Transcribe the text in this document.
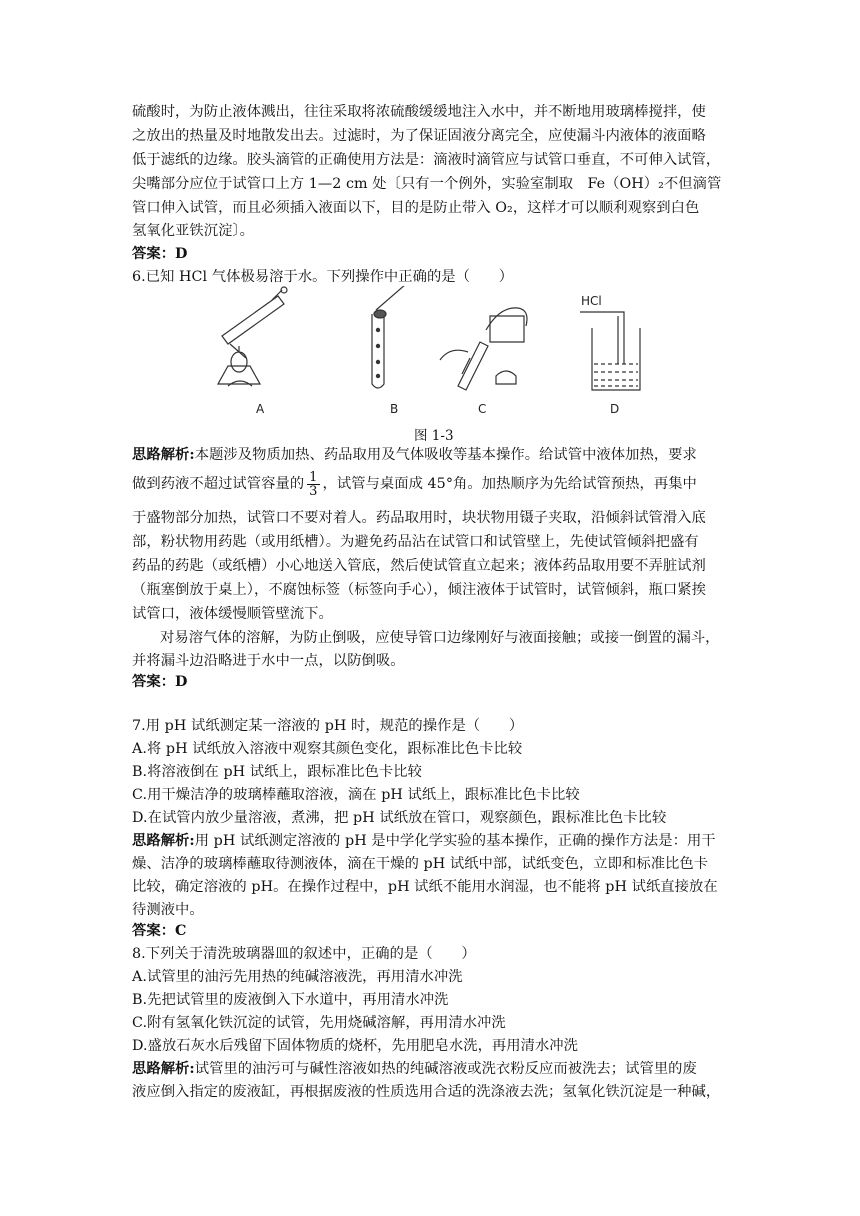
硫酸时，为防止液体溅出，往往采取将浓硫酸缓缓地注入水中，并不断地用玻璃棒搅拌，使
之放出的热量及时地散发出去。过滤时，为了保证固液分离完全，应使漏斗内液体的液面略
低于滤纸的边缘。胶头滴管的正确使用方法是：滴液时滴管应与试管口垂直，不可伸入试管，
尖嘴部分应位于试管口上方 1—2 cm 处〔只有一个例外，实验室制取　Fe（OH）₂不但滴管
管口伸入试管，而且必须插入液面以下，目的是防止带入 O₂，这样才可以顺利观察到白色
氢氧化亚铁沉淀〕。
答案：D
6.已知 HCl 气体极易溶于水。下列操作中正确的是（　　）
HCl
A	B	C	D
图 1-3
思路解析:本题涉及物质加热、药品取用及气体吸收等基本操作。给试管中液体加热，要求
做到药液不超过试管容量的 $\frac{1}{3}$ ，试管与桌面成 45°角。加热顺序为先给试管预热，再集中
于盛物部分加热，试管口不要对着人。药品取用时，块状物用镊子夹取，沿倾斜试管滑入底
部，粉状物用药匙（或用纸槽）。为避免药品沾在试管口和试管壁上，先使试管倾斜把盛有
药品的药匙（或纸槽）小心地送入管底，然后使试管直立起来；液体药品取用要不弄脏试剂
（瓶塞倒放于桌上），不腐蚀标签（标签向手心），倾注液体于试管时，试管倾斜，瓶口紧挨
试管口，液体缓慢顺管壁流下。
对易溶气体的溶解，为防止倒吸，应使导管口边缘刚好与液面接触；或接一倒置的漏斗，
并将漏斗边沿略进于水中一点，以防倒吸。
答案：D
7.用 pH 试纸测定某一溶液的 pH 时，规范的操作是（　　）
A.将 pH 试纸放入溶液中观察其颜色变化，跟标准比色卡比较
B.将溶液倒在 pH 试纸上，跟标准比色卡比较
C.用干燥洁净的玻璃棒蘸取溶液，滴在 pH 试纸上，跟标准比色卡比较
D.在试管内放少量溶液，煮沸，把 pH 试纸放在管口，观察颜色，跟标准比色卡比较
思路解析:用 pH 试纸测定溶液的 pH 是中学化学实验的基本操作，正确的操作方法是：用干
燥、洁净的玻璃棒蘸取待测液体，滴在干燥的 pH 试纸中部，试纸变色，立即和标准比色卡
比较，确定溶液的 pH。在操作过程中，pH 试纸不能用水润湿，也不能将 pH 试纸直接放在
待测液中。
答案：C
8.下列关于清洗玻璃器皿的叙述中，正确的是（　　）
A.试管里的油污先用热的纯碱溶液洗，再用清水冲洗
B.先把试管里的废液倒入下水道中，再用清水冲洗
C.附有氢氧化铁沉淀的试管，先用烧碱溶解，再用清水冲洗
D.盛放石灰水后残留下固体物质的烧杯，先用肥皂水洗，再用清水冲洗
思路解析:试管里的油污可与碱性溶液如热的纯碱溶液或洗衣粉反应而被洗去；试管里的废
液应倒入指定的废液缸，再根据废液的性质选用合适的洗涤液去洗；氢氧化铁沉淀是一种碱，
